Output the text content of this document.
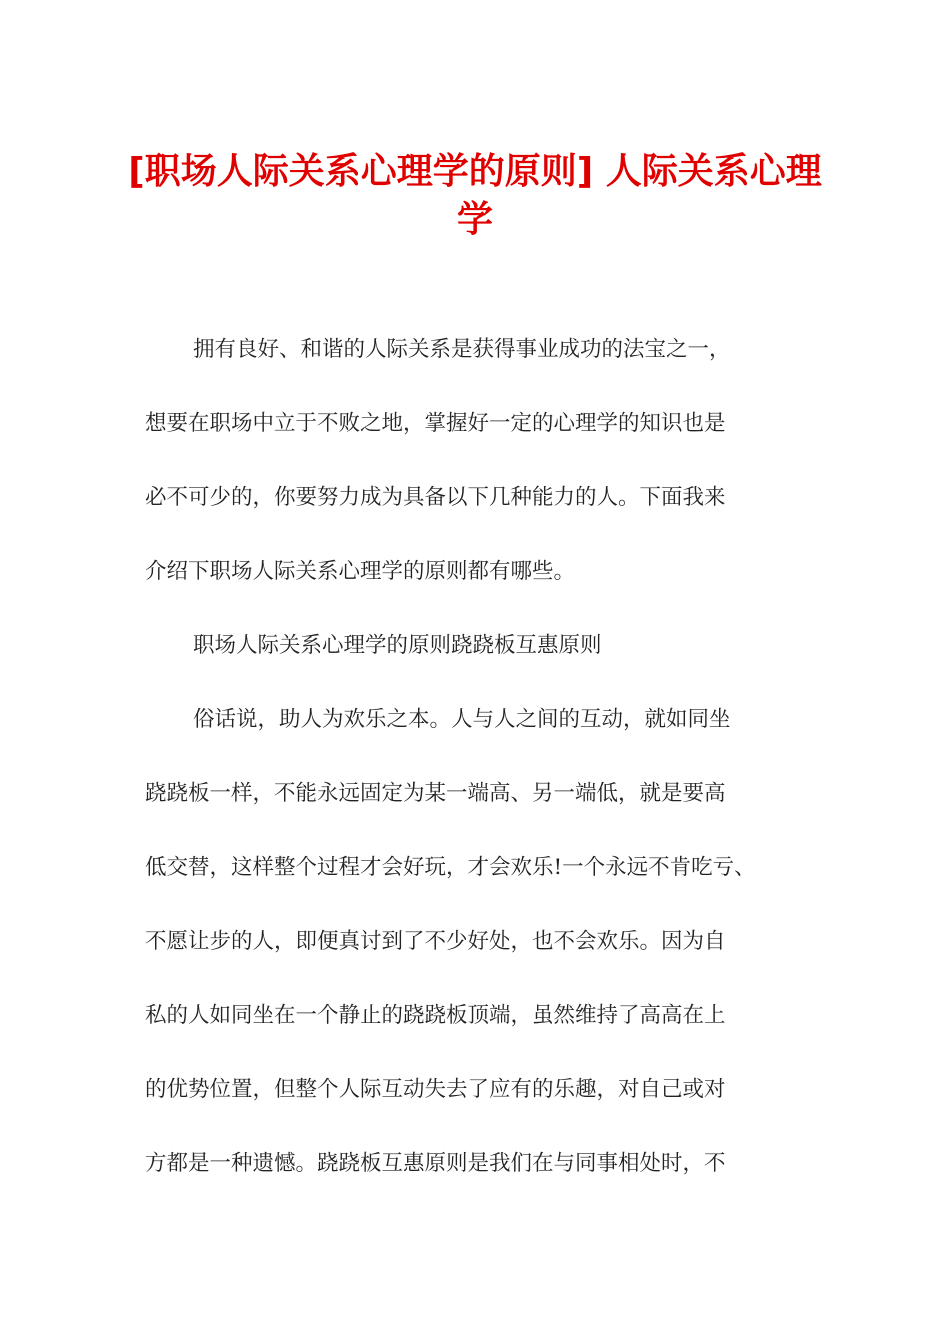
[职场人际关系心理学的原则] 人际关系心理学

拥有良好、和谐的人际关系是获得事业成功的法宝之一，

想要在职场中立于不败之地，掌握好一定的心理学的知识也是

必不可少的，你要努力成为具备以下几种能力的人。下面我来

介绍下职场人际关系心理学的原则都有哪些。

职场人际关系心理学的原则跷跷板互惠原则

俗话说，助人为欢乐之本。人与人之间的互动，就如同坐

跷跷板一样，不能永远固定为某一端高、另一端低，就是要高

低交替，这样整个过程才会好玩，才会欢乐!一个永远不肯吃亏、

不愿让步的人，即便真讨到了不少好处，也不会欢乐。因为自

私的人如同坐在一个静止的跷跷板顶端，虽然维持了高高在上

的优势位置，但整个人际互动失去了应有的乐趣，对自己或对

方都是一种遗憾。跷跷板互惠原则是我们在与同事相处时，不
